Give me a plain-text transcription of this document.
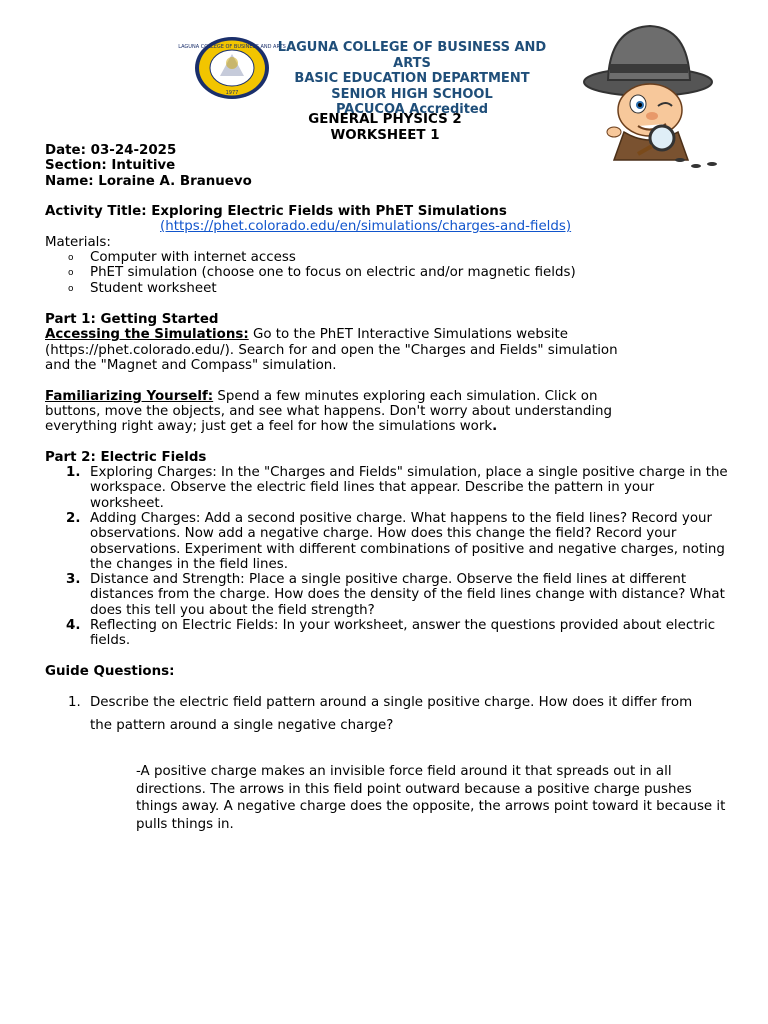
LAGUNA COLLEGE OF BUSINESS AND ARTS
1977
LAGUNA COLLEGE OF BUSINESS AND
ARTS
BASIC EDUCATION DEPARTMENT
SENIOR HIGH SCHOOL
PACUCOA Accredited
GENERAL PHYSICS 2
WORKSHEET 1
Date: 03-24-2025
Section: Intuitive
Name: Loraine A. Branuevo
Activity Title: Exploring Electric Fields with PhET Simulations
(https://phet.colorado.edu/en/simulations/charges-and-fields)
Materials:
o Computer with internet access
o PhET simulation (choose one to focus on electric and/or magnetic fields)
o Student worksheet
Part 1: Getting Started
Accessing the Simulations: Go to the PhET Interactive Simulations website
(https://phet.colorado.edu/). Search for and open the "Charges and Fields" simulation
and the "Magnet and Compass" simulation.
Familiarizing Yourself: Spend a few minutes exploring each simulation. Click on
buttons, move the objects, and see what happens. Don't worry about understanding
everything right away; just get a feel for how the simulations work.
Part 2: Electric Fields
1. Exploring Charges: In the "Charges and Fields" simulation, place a single positive charge in the workspace. Observe the electric field lines that appear. Describe the pattern in your worksheet.
2. Adding Charges: Add a second positive charge. What happens to the field lines? Record your observations. Now add a negative charge. How does this change the field? Record your observations. Experiment with different combinations of positive and negative charges, noting the changes in the field lines.
3. Distance and Strength: Place a single positive charge. Observe the field lines at different distances from the charge. How does the density of the field lines change with distance? What does this tell you about the field strength?
4. Reflecting on Electric Fields: In your worksheet, answer the questions provided about electric fields.
Guide Questions:
1. Describe the electric field pattern around a single positive charge. How does it differ from the pattern around a single negative charge?
-A positive charge makes an invisible force field around it that spreads out in all directions. The arrows in this field point outward because a positive charge pushes things away. A negative charge does the opposite, the arrows point toward it because it pulls things in.
